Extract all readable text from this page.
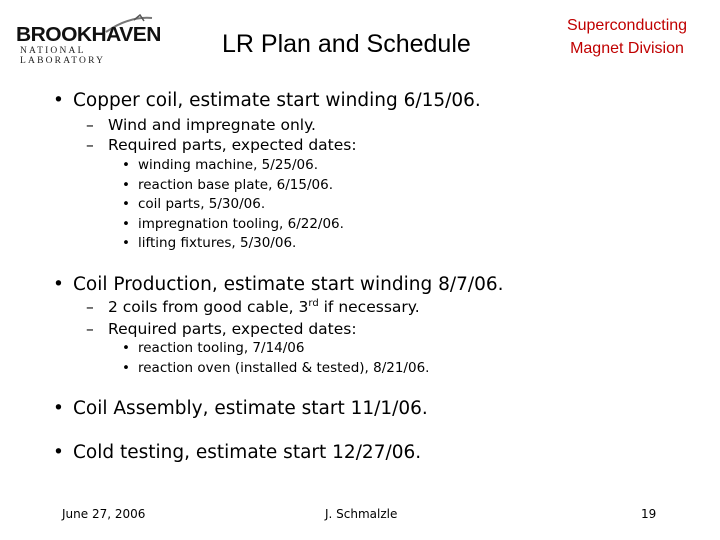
BROOKHAVEN
NATIONAL LABORATORY
LR Plan and Schedule
Superconducting
Magnet Division
• Copper coil, estimate start winding 6/15/06.
– Wind and impregnate only.
– Required parts, expected dates:
• winding machine, 5/25/06.
• reaction base plate, 6/15/06.
• coil parts, 5/30/06.
• impregnation tooling, 6/22/06.
• lifting fixtures, 5/30/06.
• Coil Production, estimate start winding 8/7/06.
– 2 coils from good cable, 3rd if necessary.
– Required parts, expected dates:
• reaction tooling, 7/14/06
• reaction oven (installed & tested), 8/21/06.
• Coil Assembly, estimate start 11/1/06.
• Cold testing, estimate start 12/27/06.
June 27, 2006	J. Schmalzle	19
